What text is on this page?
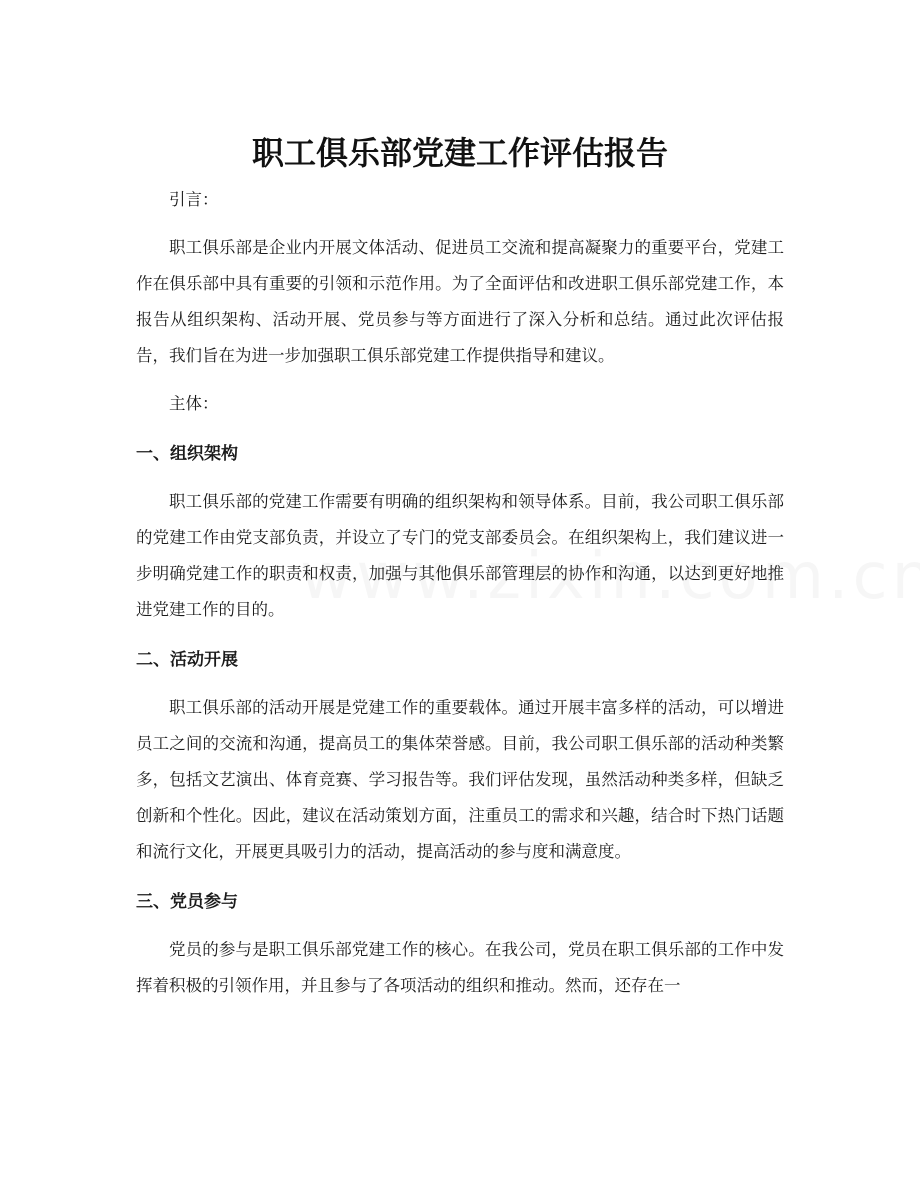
职工俱乐部党建工作评估报告

引言：

职工俱乐部是企业内开展文体活动、促进员工交流和提高凝聚力的重要平台，党建工作在俱乐部中具有重要的引领和示范作用。为了全面评估和改进职工俱乐部党建工作，本报告从组织架构、活动开展、党员参与等方面进行了深入分析和总结。通过此次评估报告，我们旨在为进一步加强职工俱乐部党建工作提供指导和建议。

主体：

一、组织架构

职工俱乐部的党建工作需要有明确的组织架构和领导体系。目前，我公司职工俱乐部的党建工作由党支部负责，并设立了专门的党支部委员会。在组织架构上，我们建议进一步明确党建工作的职责和权责，加强与其他俱乐部管理层的协作和沟通，以达到更好地推进党建工作的目的。

二、活动开展

职工俱乐部的活动开展是党建工作的重要载体。通过开展丰富多样的活动，可以增进员工之间的交流和沟通，提高员工的集体荣誉感。目前，我公司职工俱乐部的活动种类繁多，包括文艺演出、体育竞赛、学习报告等。我们评估发现，虽然活动种类多样，但缺乏创新和个性化。因此，建议在活动策划方面，注重员工的需求和兴趣，结合时下热门话题和流行文化，开展更具吸引力的活动，提高活动的参与度和满意度。

三、党员参与

党员的参与是职工俱乐部党建工作的核心。在我公司，党员在职工俱乐部的工作中发挥着积极的引领作用，并且参与了各项活动的组织和推动。然而，还存在一
